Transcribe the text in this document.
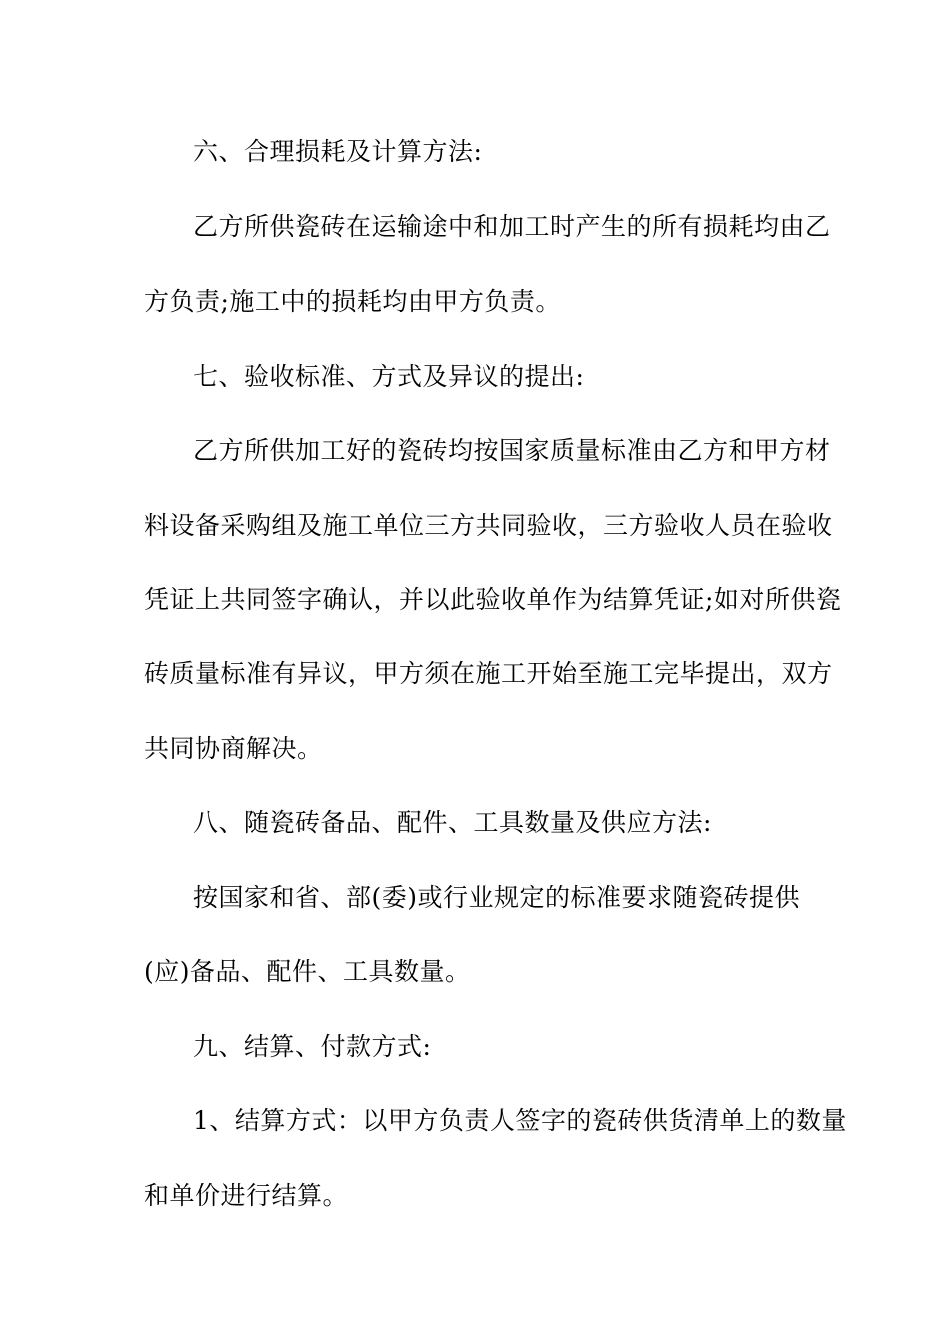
六、合理损耗及计算方法:
乙方所供瓷砖在运输途中和加工时产生的所有损耗均由乙
方负责;施工中的损耗均由甲方负责。
七、验收标准、方式及异议的提出:
乙方所供加工好的瓷砖均按国家质量标准由乙方和甲方材
料设备采购组及施工单位三方共同验收，三方验收人员在验收
凭证上共同签字确认，并以此验收单作为结算凭证;如对所供瓷
砖质量标准有异议，甲方须在施工开始至施工完毕提出，双方
共同协商解决。
八、随瓷砖备品、配件、工具数量及供应方法:
按国家和省、部(委)或行业规定的标准要求随瓷砖提供
(应)备品、配件、工具数量。
九、结算、付款方式:
1、结算方式：以甲方负责人签字的瓷砖供货清单上的数量
和单价进行结算。
